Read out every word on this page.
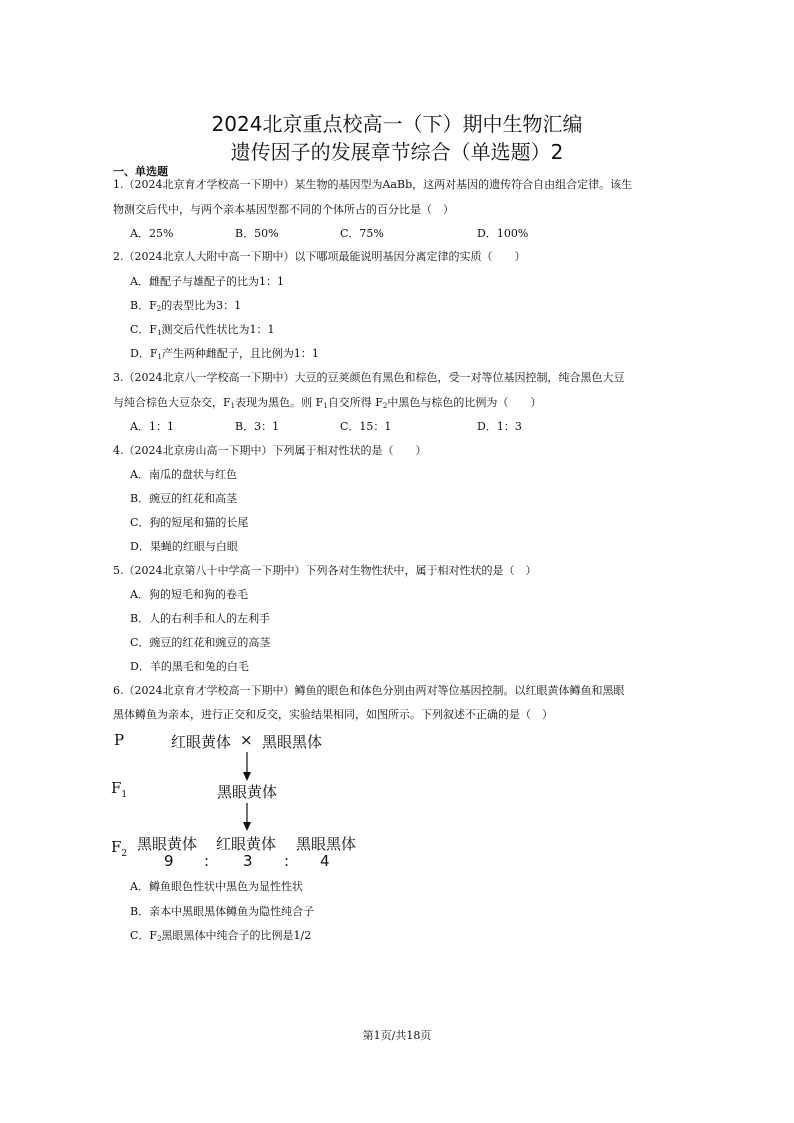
2024北京重点校高一（下）期中生物汇编
遗传因子的发展章节综合（单选题）2
一、单选题
1.（2024北京育才学校高一下期中）某生物的基因型为AaBb，这两对基因的遗传符合自由组合定律。该生
物测交后代中，与两个亲本基因型都不同的个体所占的百分比是（　）
A．25%	B．50%	C．75%	D．100%
2.（2024北京人大附中高一下期中）以下哪项最能说明基因分离定律的实质（　　）
A．雌配子与雄配子的比为1：1
B．$F_2$的表型比为3：1
C．$F_1$测交后代性状比为1：1
D．$F_1$产生两种雌配子，且比例为1：1
3.（2024北京八一学校高一下期中）大豆的豆荚颜色有黑色和棕色，受一对等位基因控制，纯合黑色大豆
与纯合棕色大豆杂交，$F_1$表现为黑色。则 $F_1$自交所得 $F_2$中黑色与棕色的比例为（　　）
A．1：1	B．3：1	C．15：1	D．1：3
4.（2024北京房山高一下期中）下列属于相对性状的是（　　）
A．南瓜的盘状与红色
B．豌豆的红花和高茎
C．狗的短尾和猫的长尾
D．果蝇的红眼与白眼
5.（2024北京第八十中学高一下期中）下列各对生物性状中，属于相对性状的是（　）
A．狗的短毛和狗的卷毛
B．人的右利手和人的左利手
C．豌豆的红花和豌豆的高茎
D．羊的黑毛和兔的白毛
6.（2024北京育才学校高一下期中）鳟鱼的眼色和体色分别由两对等位基因控制。以红眼黄体鳟鱼和黑眼
黑体鳟鱼为亲本，进行正交和反交，实验结果相同，如图所示。下列叙述不正确的是（　）
P	红眼黄体 × 黑眼黑体
$F_1$	黑眼黄体
$F_2$
黑眼黄体 红眼黄体 黑眼黑体
9 : 3 : 4
A．鳟鱼眼色性状中黑色为显性性状
B．亲本中黑眼黑体鳟鱼为隐性纯合子
C．$F_2$黑眼黑体中纯合子的比例是1/2
第1页/共18页
